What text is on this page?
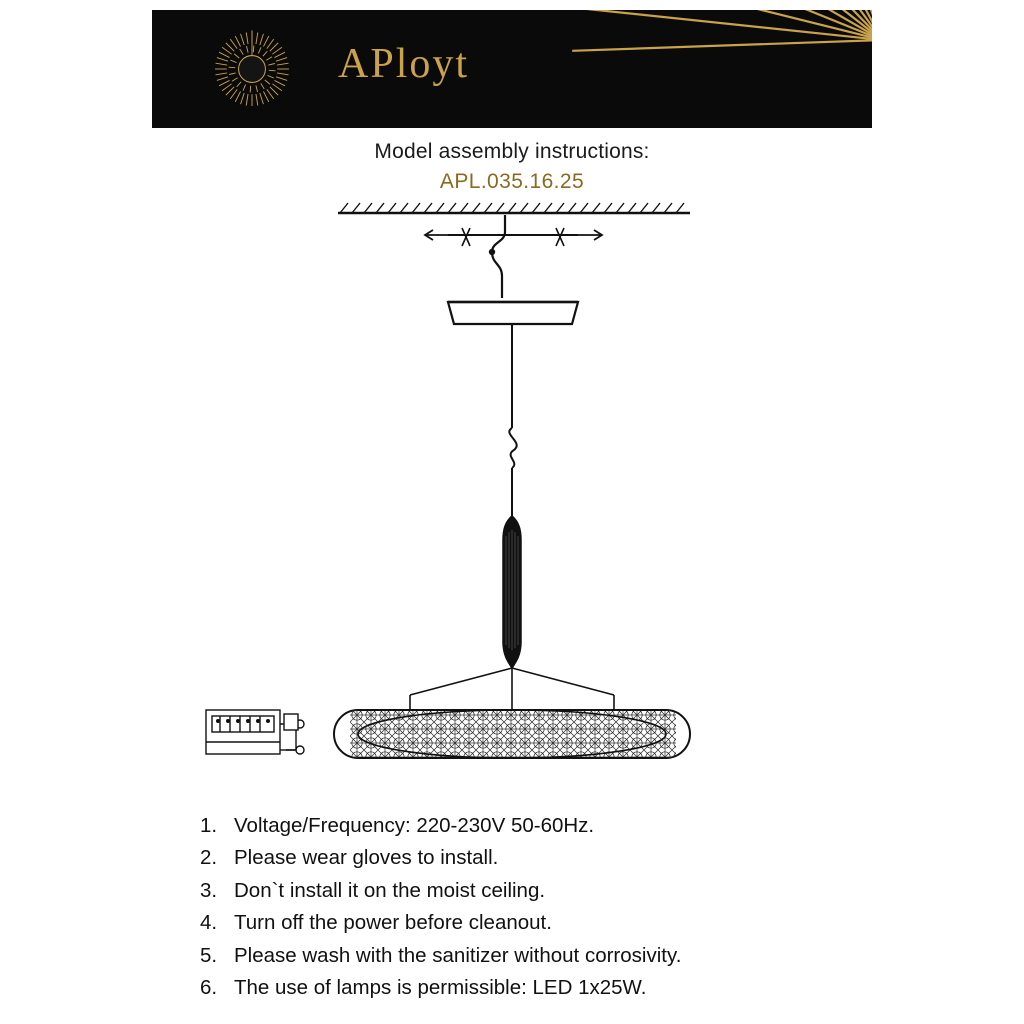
APloyt
Model assembly instructions:
APL.035.16.25
1. Voltage/Frequency: 220-230V 50-60Hz.
2. Please wear gloves to install.
3. Don`t install it on the moist ceiling.
4. Turn off the power before cleanout.
5. Please wash with the sanitizer without corrosivity.
6. The use of lamps is permissible: LED 1x25W.
